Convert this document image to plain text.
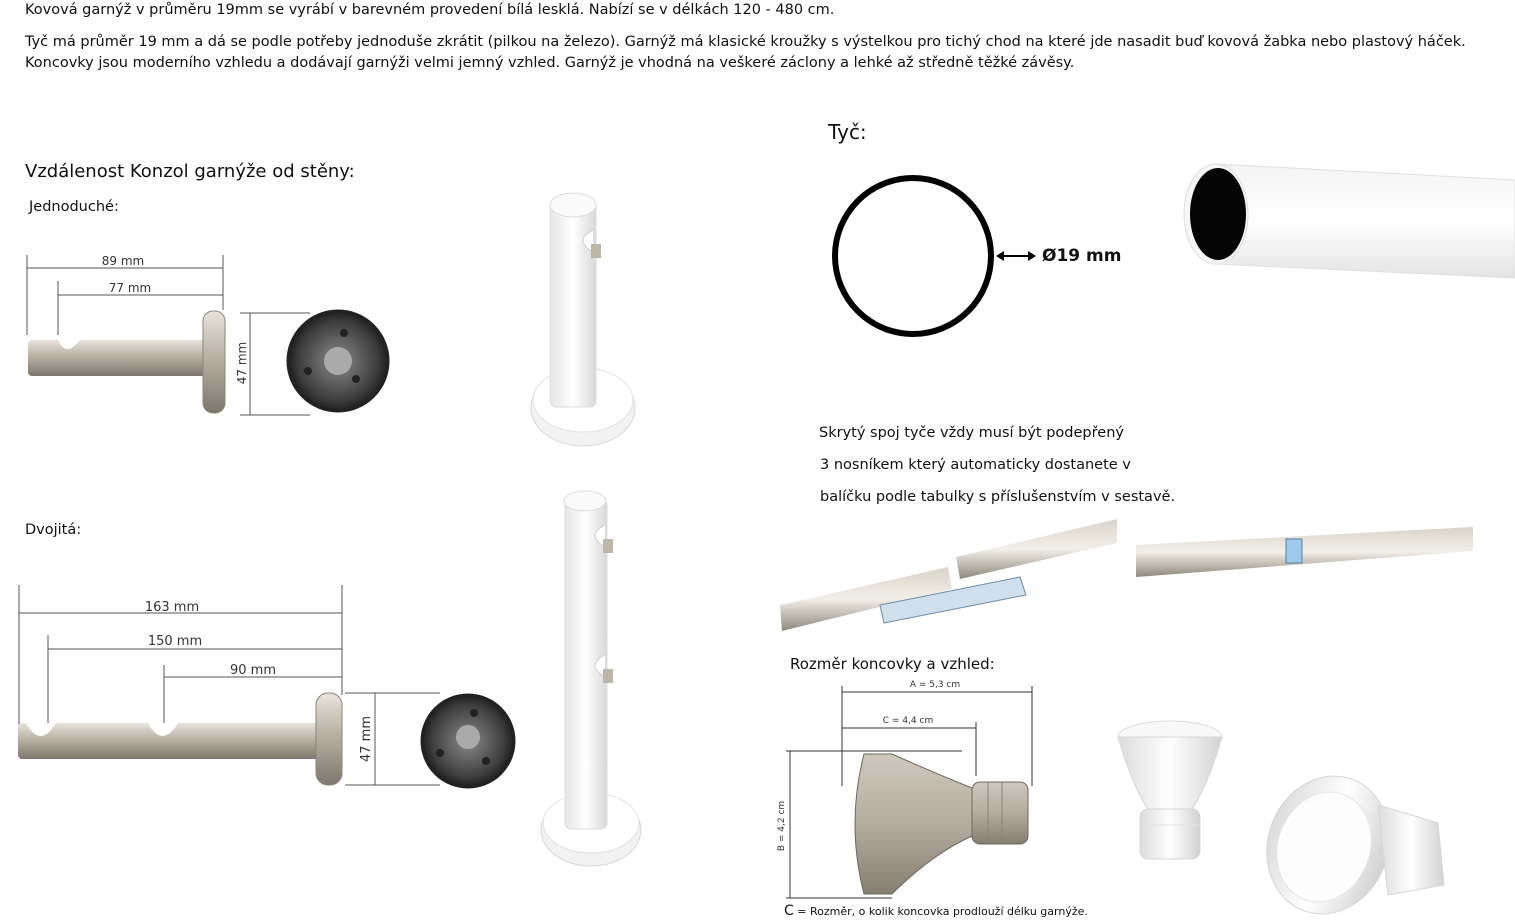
Kovová garnýž v průměru 19mm se vyrábí v barevném provedení bílá lesklá. Nabízí se v délkách 120 - 480 cm.
Tyč má průměr 19 mm a dá se podle potřeby jednoduše zkrátit (pilkou na železo). Garnýž má klasické kroužky s výstelkou pro tichý chod na které jde nasadit buď kovová žabka nebo plastový háček.
Koncovky jsou moderního vzhledu a dodávají garnýži velmi jemný vzhled. Garnýž je vhodná na veškeré záclony a lehké až středně těžké závěsy.
Vzdálenost Konzol garnýže od stěny:
Jednoduché:
Dvojitá:
89 mm
77 mm
47 mm
163 mm
150 mm
90 mm
47 mm
Tyč:
Ø19 mm
Skrytý spoj tyče vždy musí být podepřený
3 nosníkem který automaticky dostanete v
balíčku podle tabulky s příslušenstvím v sestavě.
Rozměr koncovky a vzhled:
A = 5,3 cm
C = 4,4 cm
B = 4,2 cm
C = Rozměr, o kolik koncovka prodlouží délku garnýže.
